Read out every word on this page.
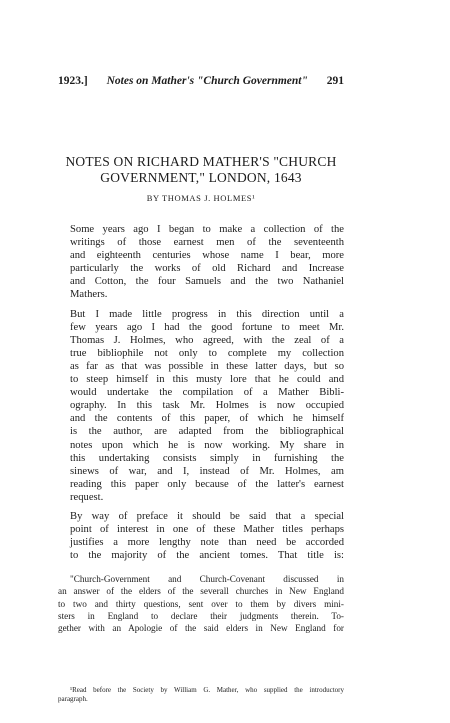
1923.] Notes on Mather's "Church Government" 291
NOTES ON RICHARD MATHER'S "CHURCH
GOVERNMENT," LONDON, 1643
BY THOMAS J. HOLMES¹

Some years ago I began to make a collection of the
writings of those earnest men of the seventeenth
and eighteenth centuries whose name I bear, more
particularly the works of old Richard and Increase
and Cotton, the four Samuels and the two Nathaniel
Mathers.

But I made little progress in this direction until a
few years ago I had the good fortune to meet Mr.
Thomas J. Holmes, who agreed, with the zeal of a
true bibliophile not only to complete my collection
as far as that was possible in these latter days, but so
to steep himself in this musty lore that he could and
would undertake the compilation of a Mather Bibli-
ography. In this task Mr. Holmes is now occupied
and the contents of this paper, of which he himself
is the author, are adapted from the bibliographical
notes upon which he is now working. My share in
this undertaking consists simply in furnishing the
sinews of war, and I, instead of Mr. Holmes, am
reading this paper only because of the latter's earnest
request.

By way of preface it should be said that a special
point of interest in one of these Mather titles perhaps
justifies a more lengthy note than need be accorded
to the majority of the ancient tomes. That title is:

"Church-Government and Church-Covenant discussed in
an answer of the elders of the severall churches in New England
to two and thirty questions, sent over to them by divers mini-
sters in England to declare their judgments therein. To-
gether with an Apologie of the said elders in New England for
¹Read before the Society by William G. Mather, who supplied the introductory
paragraph.
